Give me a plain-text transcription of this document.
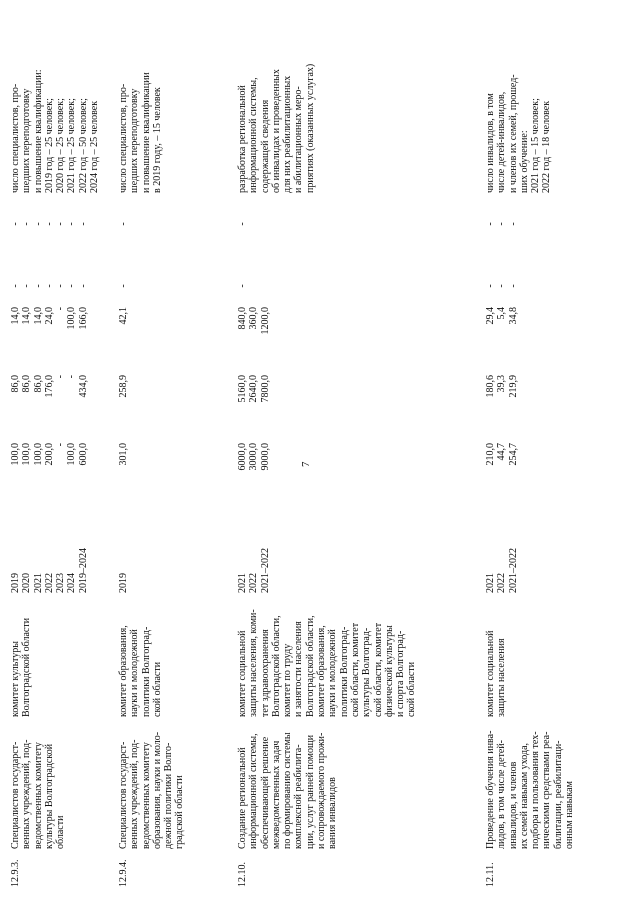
7
12.9.3.
Специалистов государст- венных учреждений, под- ведомственных комитету культуры Волгоградской области
комитет культуры Волгоградской области
2019 2020 2021 2022 2023 2024 2019–2024
100,0 100,0 100,0 200,0 - 100,0 600,0
86,0 86,0 86,0 176,0 - - 434,0
14,0 14,0 14,0 24,0 - 100,0 166,0
- - - - - - -
- - - - - - -
число специалистов, про- шедших переподготовку и повышение квалификации: 2019 год – 25 человек; 2020 год – 25 человек; 2021 год – 25 человек; 2022 год – 50 человек; 2024 год – 25 человек
12.9.4.
Специалистов государст- венных учреждений, под- ведомственных комитету образования, науки и моло- дежной политики Волго- градской области
комитет образования, науки и молодежной политики Волгоград- ской области
2019
301,0
258,9
42,1
-
-
число специалистов, про- шедших переподготовку и повышение квалификации в 2019 году, – 15 человек
12.10.
Создание региональной информационной системы, обеспечивающей решение межведомственных задач по формированию системы комплексной реабилита- ции, услуг ранней помощи и сопровождаемого прожи- вания инвалидов
комитет социальной защиты населения, коми- тет здравоохранения Волгоградской области, комитет по труду и занятости населения Волгоградской области, комитет образования, науки и молодежной политики Волгоград- ской области, комитет культуры Волгоград- ской области, комитет физической культуры и спорта Волгоград- ской области
2021 2022 2021–2022
6000,0 3000,0 9000,0
5160,0 2640,0 7800,0
840,0 360,0 1200,0
-
-
разработка региональной информационной системы, содержащей сведения об инвалидах и проведенных для них реабилитационных и абилитационных меро- приятиях (оказанных услугах)
12.11.
Проведение обучения инва- лидов, в том числе детей- инвалидов, и членов их семей навыкам ухода, подбора и пользования тех- ническими средствами реа- билитации, реабилитаци- онным навыкам
комитет социальной защиты населения
2021 2022 2021–2022
210,0 44,7 254,7
180,6 39,3 219,9
29,4 5,4 34,8
- - -
- - -
число инвалидов, в том числе детей-инвалидов, и членов их семей, прошед- ших обучение: 2021 год – 15 человек; 2022 год – 18 человек
